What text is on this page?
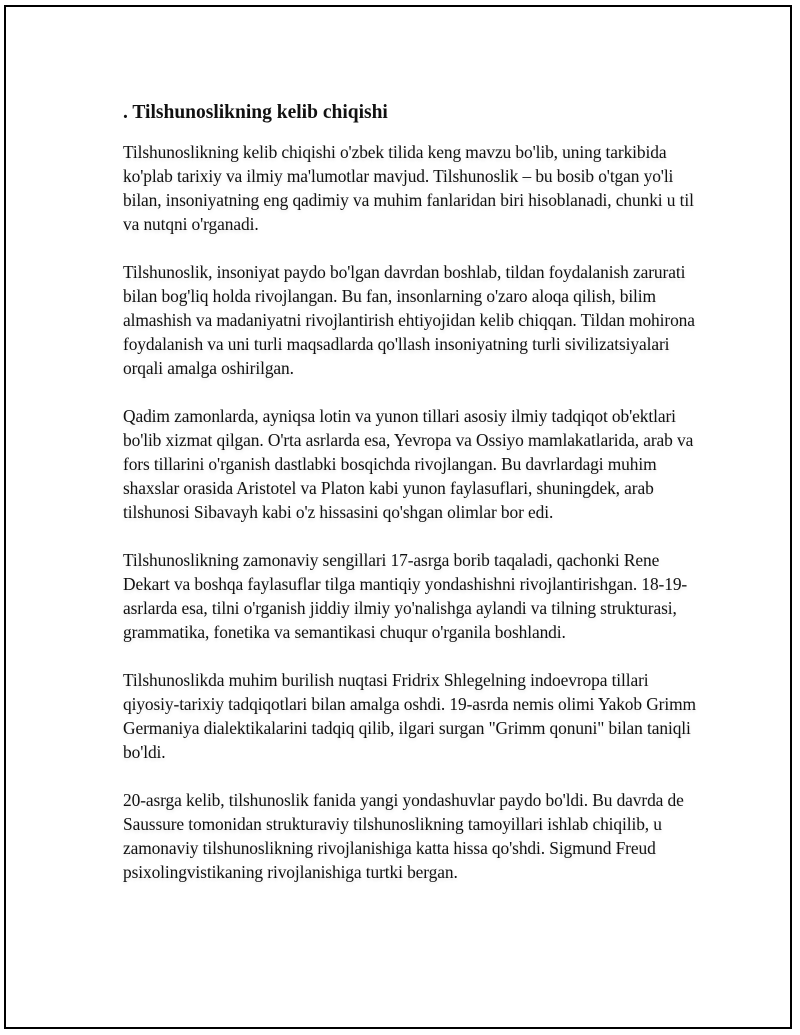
. Tilshunoslikning kelib chiqishi

Tilshunoslikning kelib chiqishi o'zbek tilida keng mavzu bo'lib, uning tarkibida ko'plab tarixiy va ilmiy ma'lumotlar mavjud. Tilshunoslik – bu bosib o'tgan yo'li bilan, insoniyatning eng qadimiy va muhim fanlaridan biri hisoblanadi, chunki u til va nutqni o'rganadi.

Tilshunoslik, insoniyat paydo bo'lgan davrdan boshlab, tildan foydalanish zarurati bilan bog'liq holda rivojlangan. Bu fan, insonlarning o'zaro aloqa qilish, bilim almashish va madaniyatni rivojlantirish ehtiyojidan kelib chiqqan. Tildan mohirona foydalanish va uni turli maqsadlarda qo'llash insoniyatning turli sivilizatsiyalari orqali amalga oshirilgan.

Qadim zamonlarda, ayniqsa lotin va yunon tillari asosiy ilmiy tadqiqot ob'ektlari bo'lib xizmat qilgan. O'rta asrlarda esa, Yevropa va Ossiyo mamlakatlarida, arab va fors tillarini o'rganish dastlabki bosqichda rivojlangan. Bu davrlardagi muhim shaxslar orasida Aristotel va Platon kabi yunon faylasuflari, shuningdek, arab tilshunosi Sibavayh kabi o'z hissasini qo'shgan olimlar bor edi.

Tilshunoslikning zamonaviy sengillari 17-asrga borib taqaladi, qachonki Rene Dekart va boshqa faylasuflar tilga mantiqiy yondashishni rivojlantirishgan. 18-19-asrlarda esa, tilni o'rganish jiddiy ilmiy yo'nalishga aylandi va tilning strukturasi, grammatika, fonetika va semantikasi chuqur o'rganila boshlandi.

Tilshunoslikda muhim burilish nuqtasi Fridrix Shlegelning indoevropa tillari qiyosiy-tarixiy tadqiqotlari bilan amalga oshdi. 19-asrda nemis olimi Yakob Grimm Germaniya dialektikalarini tadqiq qilib, ilgari surgan "Grimm qonuni" bilan taniqli bo'ldi.

20-asrga kelib, tilshunoslik fanida yangi yondashuvlar paydo bo'ldi. Bu davrda de Saussure tomonidan strukturaviy tilshunoslikning tamoyillari ishlab chiqilib, u zamonaviy tilshunoslikning rivojlanishiga katta hissa qo'shdi. Sigmund Freud psixolingvistikaning rivojlanishiga turtki bergan.
